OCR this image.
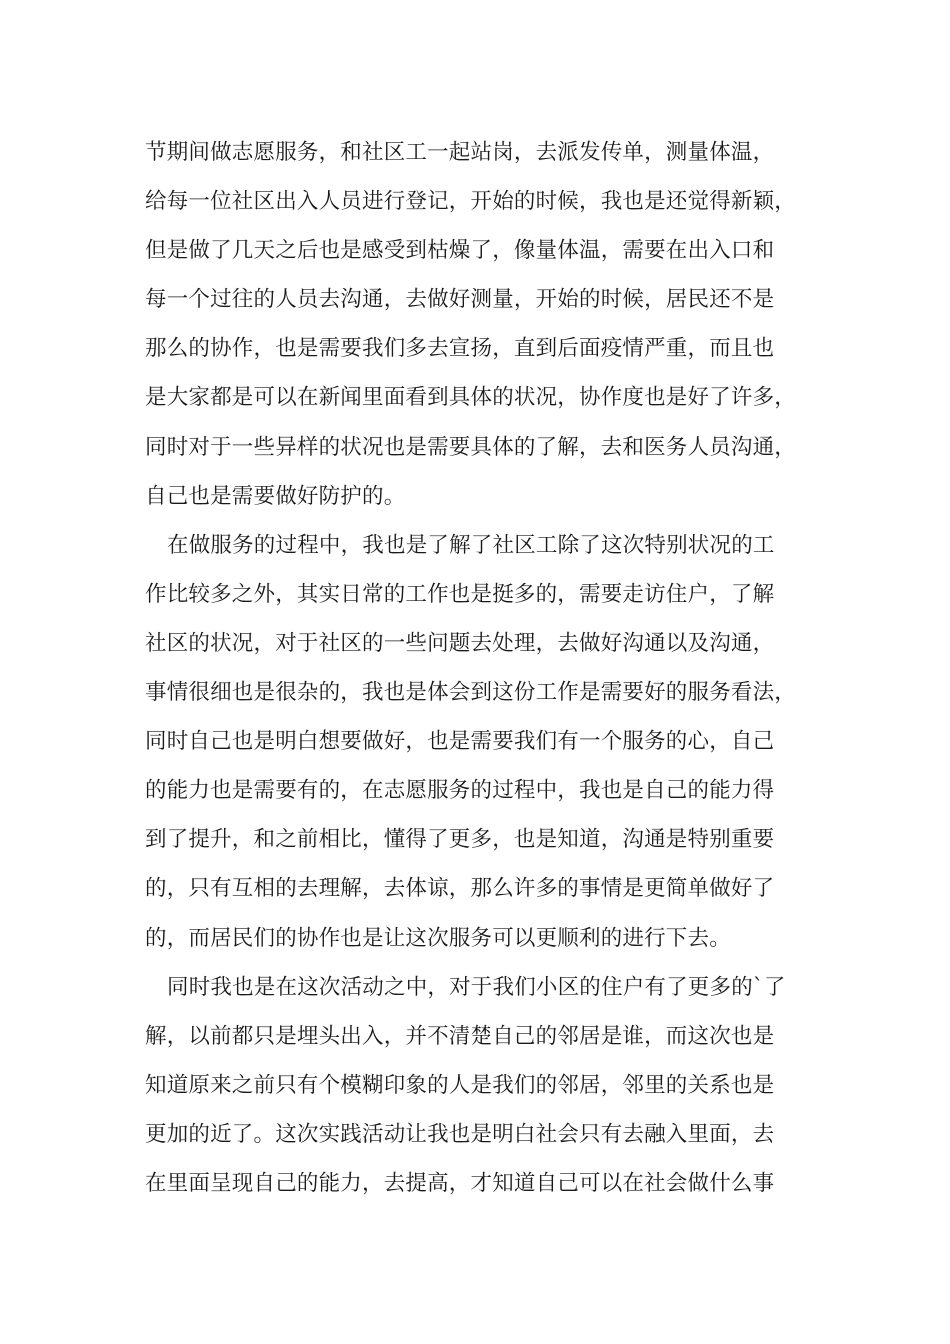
节期间做志愿服务，和社区工一起站岗，去派发传单，测量体温，
给每一位社区出入人员进行登记，开始的时候，我也是还觉得新颖，
但是做了几天之后也是感受到枯燥了，像量体温，需要在出入口和
每一个过往的人员去沟通，去做好测量，开始的时候，居民还不是
那么的协作，也是需要我们多去宣扬，直到后面疫情严重，而且也
是大家都是可以在新闻里面看到具体的状况，协作度也是好了许多，
同时对于一些异样的状况也是需要具体的了解，去和医务人员沟通，
自己也是需要做好防护的。
在做服务的过程中，我也是了解了社区工除了这次特别状况的工
作比较多之外，其实日常的工作也是挺多的，需要走访住户，了解
社区的状况，对于社区的一些问题去处理，去做好沟通以及沟通，
事情很细也是很杂的，我也是体会到这份工作是需要好的服务看法，
同时自己也是明白想要做好，也是需要我们有一个服务的心，自己
的能力也是需要有的，在志愿服务的过程中，我也是自己的能力得
到了提升，和之前相比，懂得了更多，也是知道，沟通是特别重要
的，只有互相的去理解，去体谅，那么许多的事情是更简单做好了
的，而居民们的协作也是让这次服务可以更顺利的进行下去。
同时我也是在这次活动之中，对于我们小区的住户有了更多的`了
解，以前都只是埋头出入，并不清楚自己的邻居是谁，而这次也是
知道原来之前只有个模糊印象的人是我们的邻居，邻里的关系也是
更加的近了。这次实践活动让我也是明白社会只有去融入里面，去
在里面呈现自己的能力，去提高，才知道自己可以在社会做什么事
